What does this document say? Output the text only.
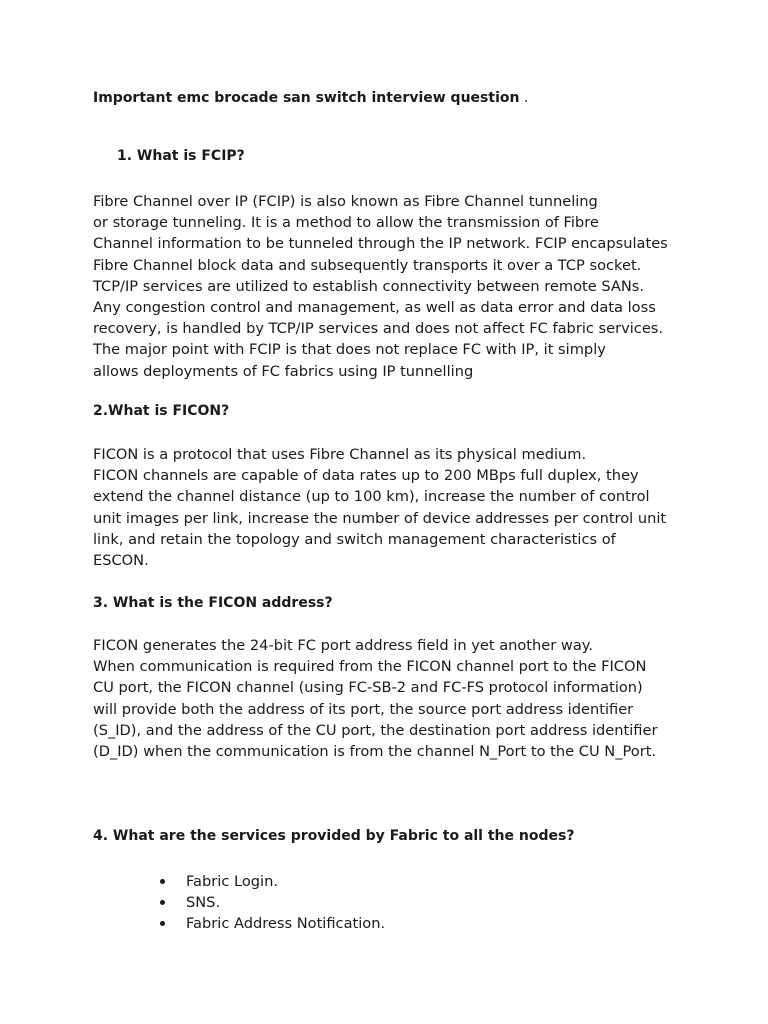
Important emc brocade san switch interview question .
1. What is FCIP?
Fibre Channel over IP (FCIP) is also known as Fibre Channel tunneling
or storage tunneling. It is a method to allow the transmission of Fibre
Channel information to be tunneled through the IP network. FCIP encapsulates
Fibre Channel block data and subsequently transports it over a TCP socket.
TCP/IP services are utilized to establish connectivity between remote SANs.
Any congestion control and management, as well as data error and data loss
recovery, is handled by TCP/IP services and does not affect FC fabric services.
The major point with FCIP is that does not replace FC with IP, it simply
allows deployments of FC fabrics using IP tunnelling
2.What is FICON?
FICON is a protocol that uses Fibre Channel as its physical medium.
FICON channels are capable of data rates up to 200 MBps full duplex, they
extend the channel distance (up to 100 km), increase the number of control
unit images per link, increase the number of device addresses per control unit
link, and retain the topology and switch management characteristics of
ESCON.
3. What is the FICON address?
FICON generates the 24-bit FC port address field in yet another way.
When communication is required from the FICON channel port to the FICON
CU port, the FICON channel (using FC-SB-2 and FC-FS protocol information)
will provide both the address of its port, the source port address identifier
(S_ID), and the address of the CU port, the destination port address identifier
(D_ID) when the communication is from the channel N_Port to the CU N_Port.
4. What are the services provided by Fabric to all the nodes?
Fabric Login.
SNS.
Fabric Address Notification.
